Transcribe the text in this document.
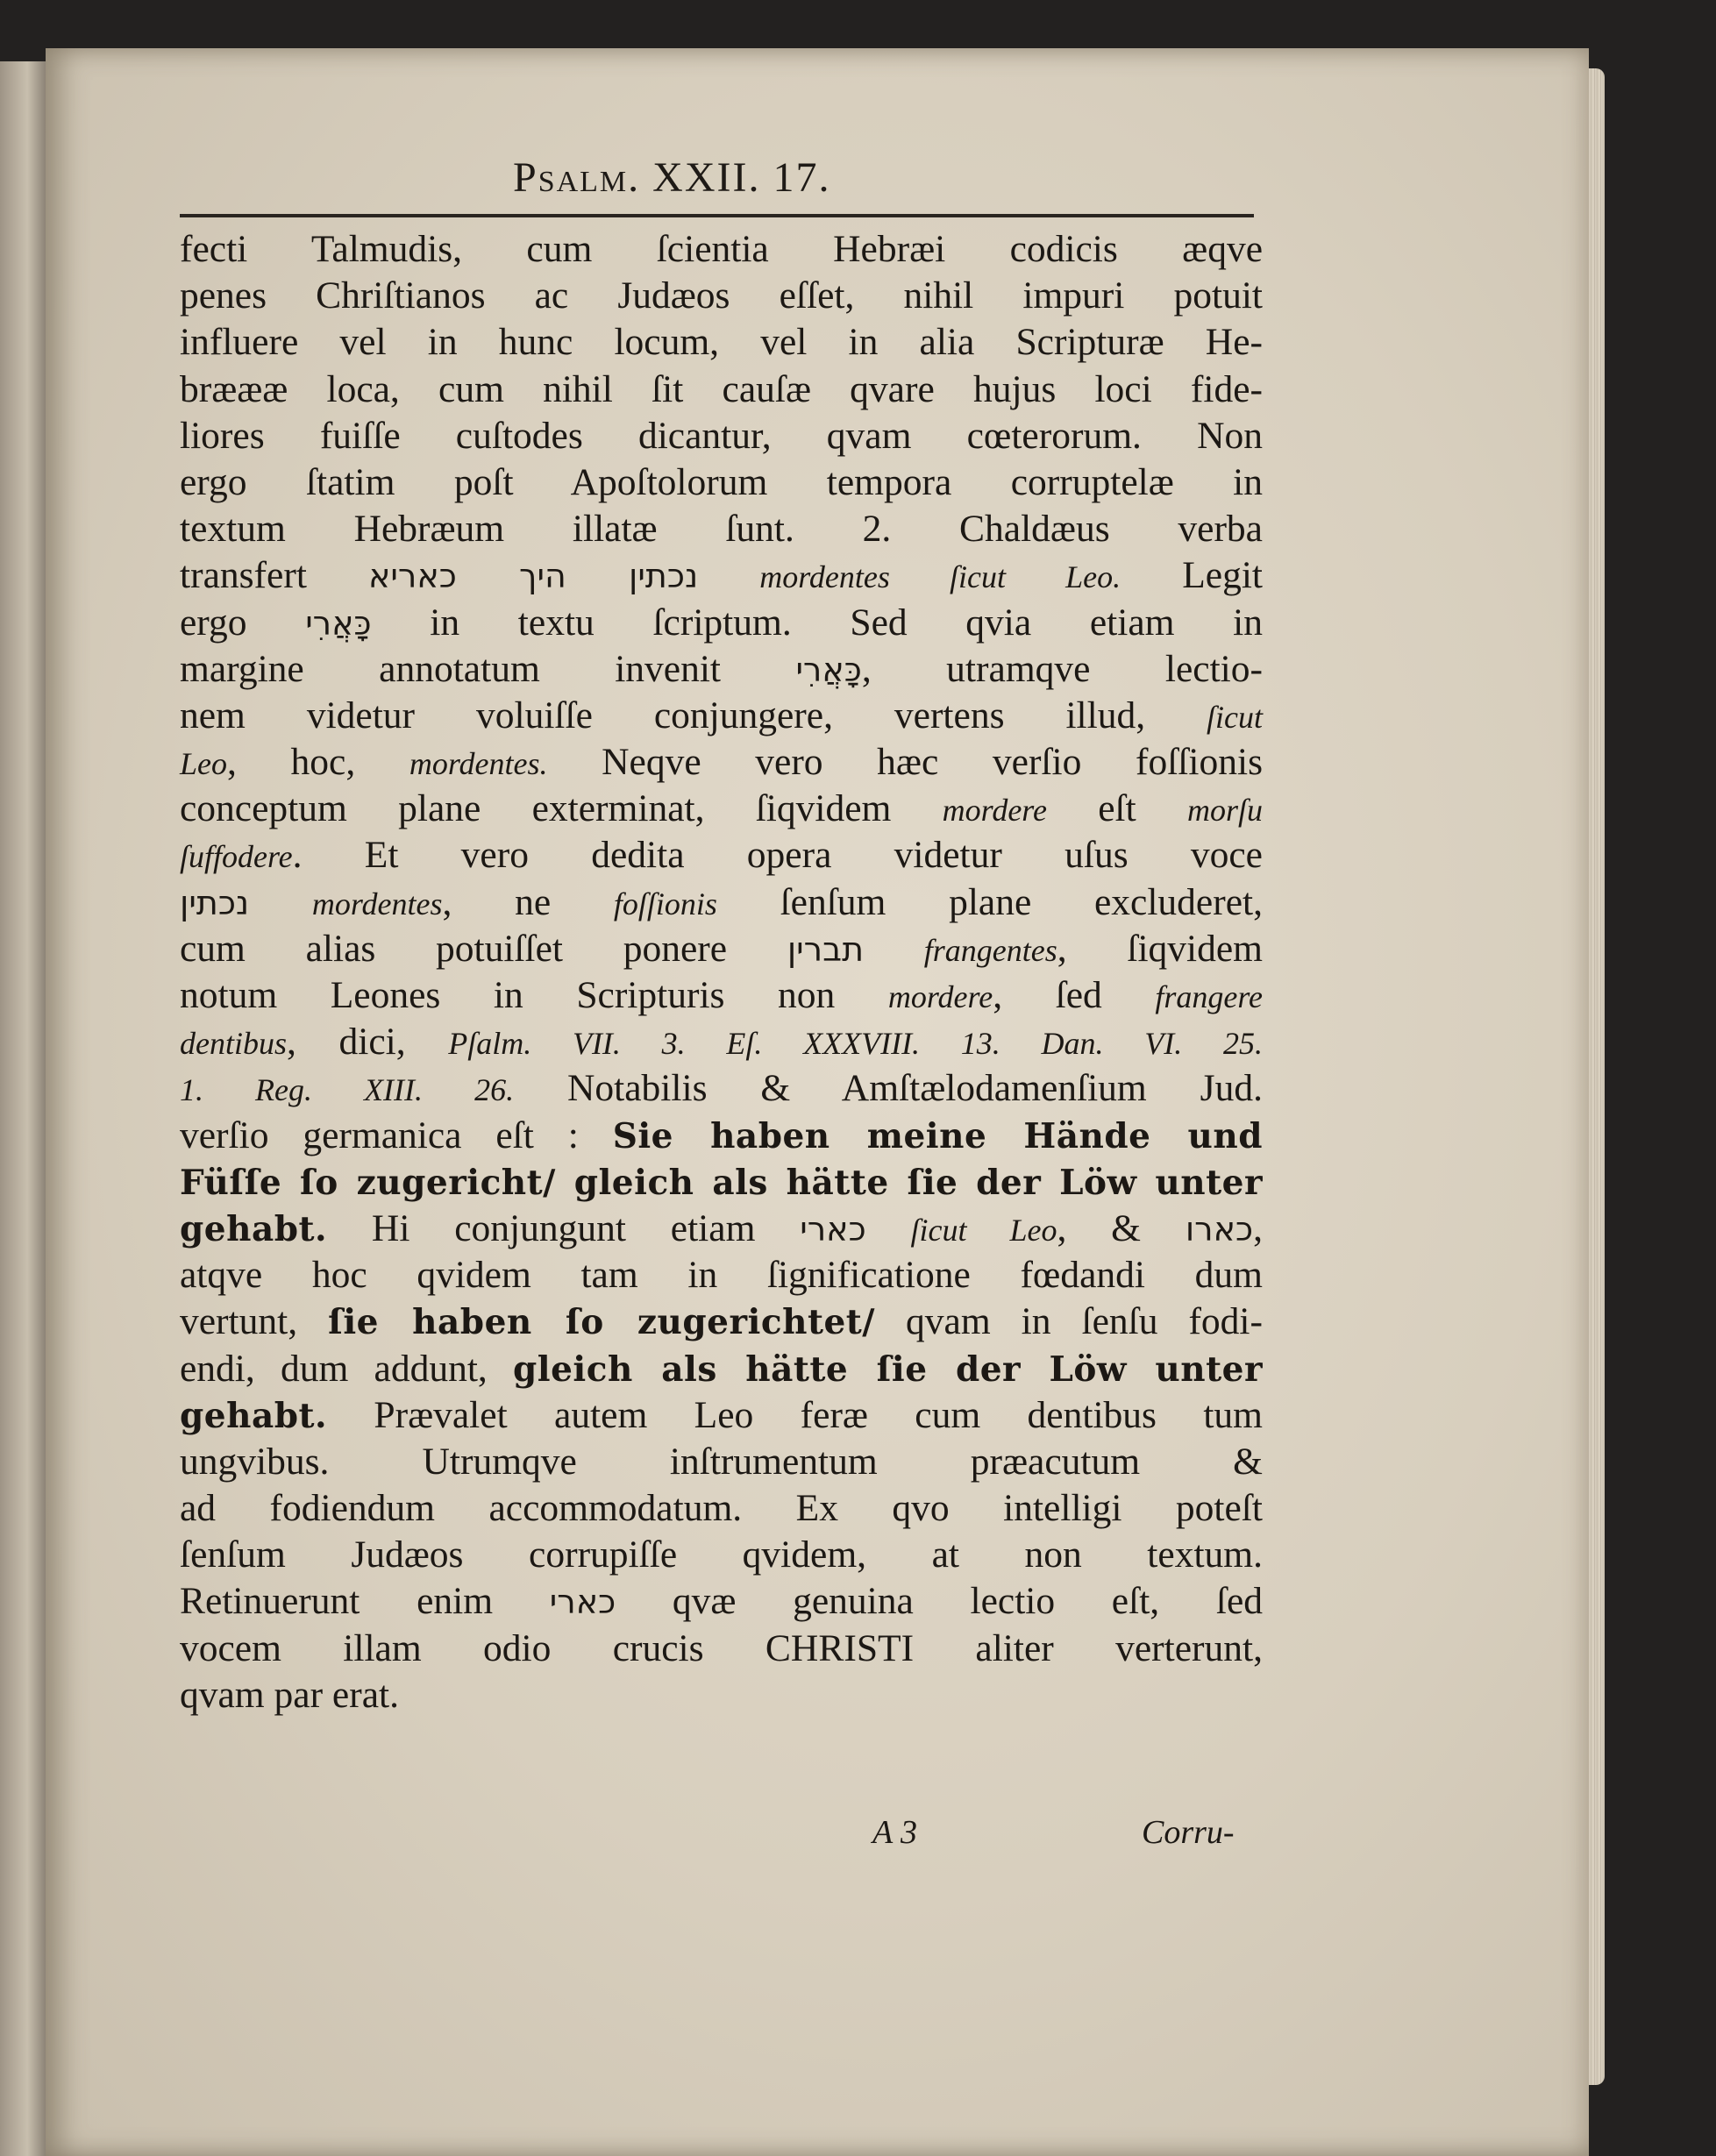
Psalm. XXII. 17.
fecti Talmudis, cum ſcientia Hebræi codicis æqve
penes Chriſtianos ac Judæos eſſet, nihil impuri potuit
influere vel in hunc locum, vel in alia Scripturæ He-
bræææ loca, cum nihil ſit cauſæ qvare hujus loci fide-
liores fuiſſe cuſtodes dicantur, qvam cœterorum. Non
ergo ſtatim poſt Apoſtolorum tempora corruptelæ in
textum Hebræum illatæ ſunt. 2. Chaldæus verba
transfert נכתין היך כאריא mordentes ſicut Leo. Legit
ergo כָּאֲרִי in textu ſcriptum. Sed qvia etiam in
margine annotatum invenit כָּאֲרִי, utramqve lectio-
nem videtur voluiſſe conjungere, vertens illud, ſicut
Leo, hoc, mordentes. Neqve vero hæc verſio foſſionis
conceptum plane exterminat, ſiqvidem mordere eſt morſu
ſuffodere. Et vero dedita opera videtur uſus voce
נכתין mordentes, ne foſſionis ſenſum plane excluderet,
cum alias potuiſſet ponere תברין frangentes, ſiqvidem
notum Leones in Scripturis non mordere, ſed frangere
dentibus, dici, Pſalm. VII. 3. Eſ. XXXVIII. 13. Dan. VI. 25.
1. Reg. XIII. 26. Notabilis & Amſtælodamenſium Jud.
verſio germanica eſt : Sie haben meine Hände und
Füſſe ſo zugericht/ gleich als hätte ſie der Löw unter
gehabt. Hi conjungunt etiam כארי ſicut Leo, & כארו,
atqve hoc qvidem tam in ſignificatione fœdandi dum
vertunt, ſie haben ſo zugerichtet/ qvam in ſenſu fodi-
endi, dum addunt, gleich als hätte ſie der Löw unter
gehabt. Prævalet autem Leo feræ cum dentibus tum
ungvibus. Utrumqve inſtrumentum præacutum &
ad fodiendum accommodatum. Ex qvo intelligi poteſt
ſenſum Judæos corrupiſſe qvidem, at non textum.
Retinuerunt enim כארי qvæ genuina lectio eſt, ſed
vocem illam odio crucis CHRISTI aliter verterunt,
qvam par erat.
A 3	Corru-
